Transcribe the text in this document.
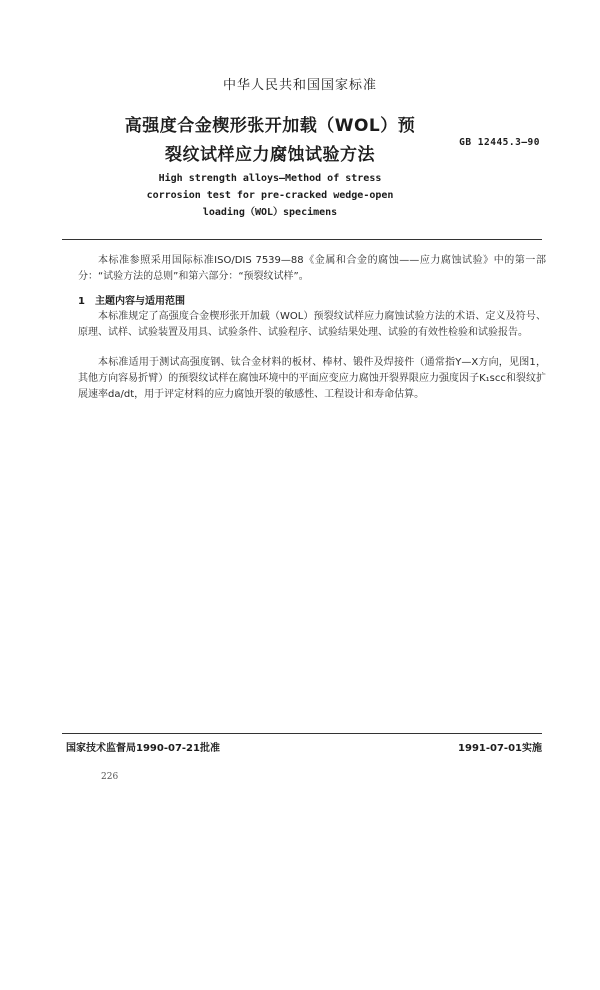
中华人民共和国国家标准
高强度合金楔形张开加载（WOL）预
裂纹试样应力腐蚀试验方法
GB 12445.3—90
High strength alloys—Method of stress
corrosion test for pre-cracked wedge-open
loading（WOL）specimens
本标准参照采用国际标准ISO/DIS 7539—88《金属和合金的腐蚀——应力腐蚀试验》中的第一部分：“试验方法的总则”和第六部分：“预裂纹试样”。
1 主题内容与适用范围
本标准规定了高强度合金楔形张开加载（WOL）预裂纹试样应力腐蚀试验方法的术语、定义及符号、原理、试样、试验装置及用具、试验条件、试验程序、试验结果处理、试验的有效性检验和试验报告。
本标准适用于测试高强度钢、钛合金材料的板材、棒材、锻件及焊接件（通常指Y—X方向，见图1，其他方向容易折臂）的预裂纹试样在腐蚀环境中的平面应变应力腐蚀开裂界限应力强度因子K₁scc和裂纹扩展速率da/dt，用于评定材料的应力腐蚀开裂的敏感性、工程设计和寿命估算。
国家技术监督局1990-07-21批准	1991-07-01实施
226
